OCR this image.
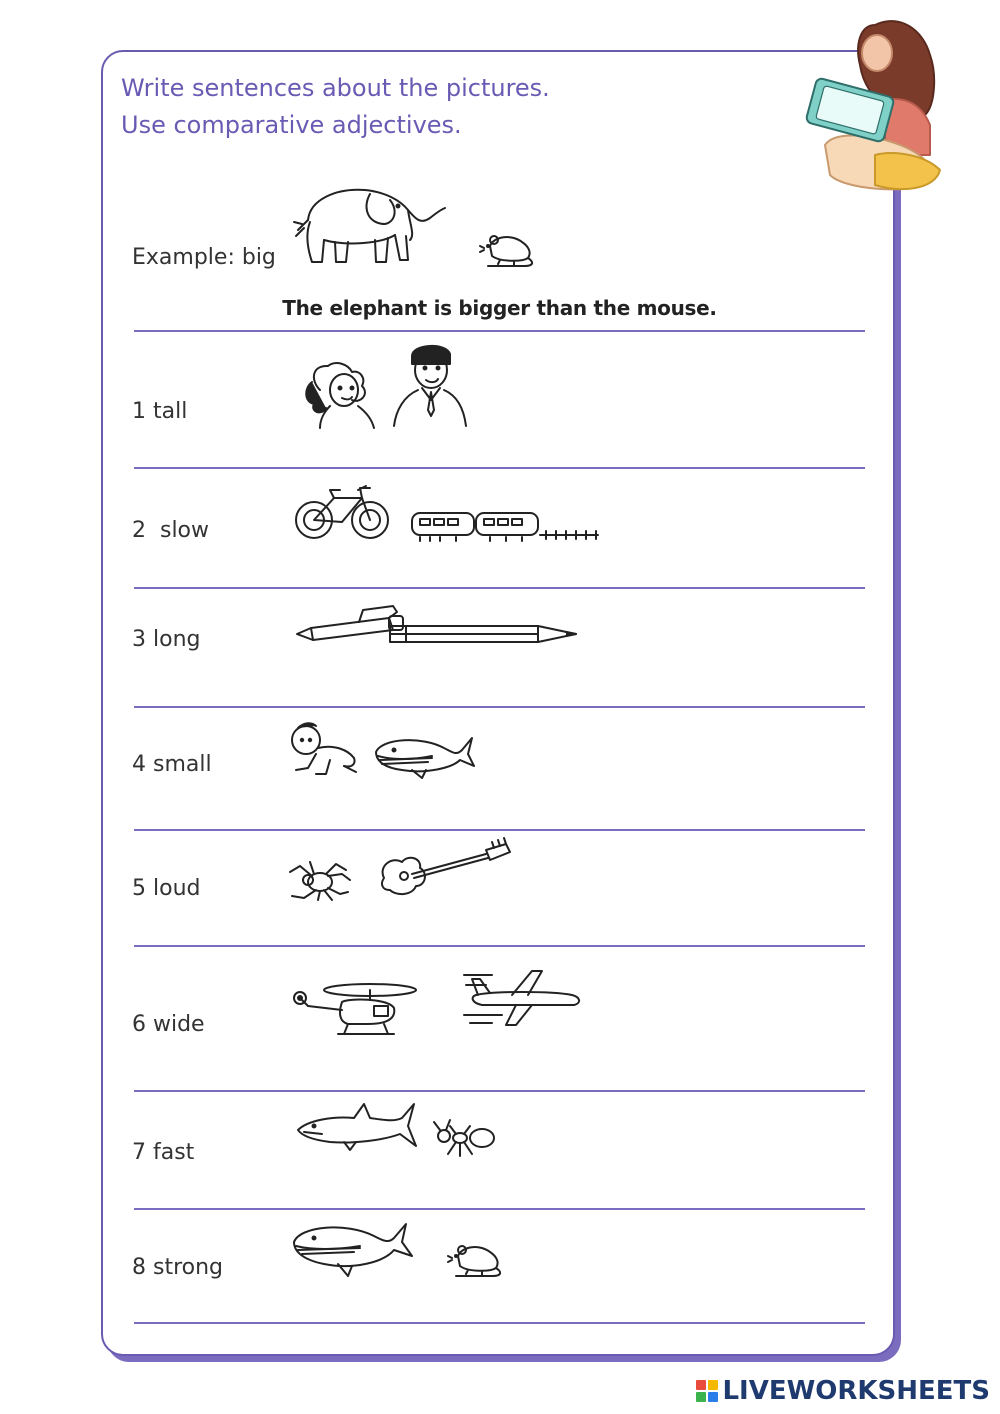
Write sentences about the pictures.
Use comparative adjectives.
Example: big
The elephant is bigger than the mouse.
1 tall
2  slow
3 long
4 small
5 loud
6 wide
7 fast
8 strong
LIVEWORKSHEETS
